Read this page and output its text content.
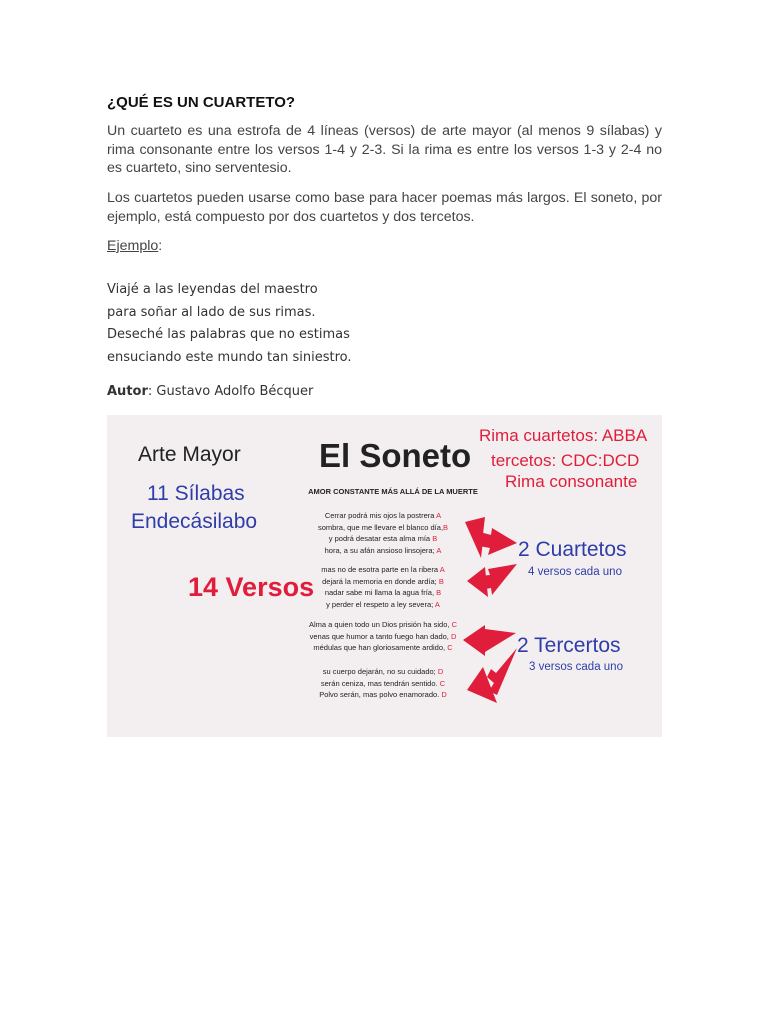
¿QUÉ ES UN CUARTETO?
Un cuarteto es una estrofa de 4 líneas (versos) de arte mayor (al menos 9 sílabas) y rima consonante entre los versos 1-4 y 2-3. Si la rima es entre los versos 1-3 y 2-4 no es cuarteto, sino serventesio.
Los cuartetos pueden usarse como base para hacer poemas más largos. El soneto, por ejemplo, está compuesto por dos cuartetos y dos tercetos.
Ejemplo:
Viajé a las leyendas del maestro
para soñar al lado de sus rimas.
Deseché las palabras que no estimas
ensuciando este mundo tan siniestro.
Autor: Gustavo Adolfo Bécquer
Arte Mayor
11 Sílabas
Endecásilabo
14 Versos
El Soneto
AMOR CONSTANTE MÁS ALLÁ DE LA MUERTE
Rima cuartetos: ABBA
tercetos: CDC:DCD
Rima consonante
Cerrar podrá mis ojos la postrera A
sombra, que me llevare el blanco día,B
y podrá desatar esta alma mía B
hora, a su afán ansioso linsojera; A
mas no de esotra parte en la ribera A
dejará la memoria en donde ardía; B
nadar sabe mi llama la agua fría, B
y perder el respeto a ley severa; A
Alma a quien todo un Dios prisión ha sido, C
venas que humor a tanto fuego han dado, D
médulas que han gloriosamente ardido, C
su cuerpo dejarán, no su cuidado; D
serán ceniza, mas tendrán sentido. C
Polvo serán, mas polvo enamorado. D
2 Cuartetos
4 versos cada uno
2 Tercertos
3 versos cada uno
